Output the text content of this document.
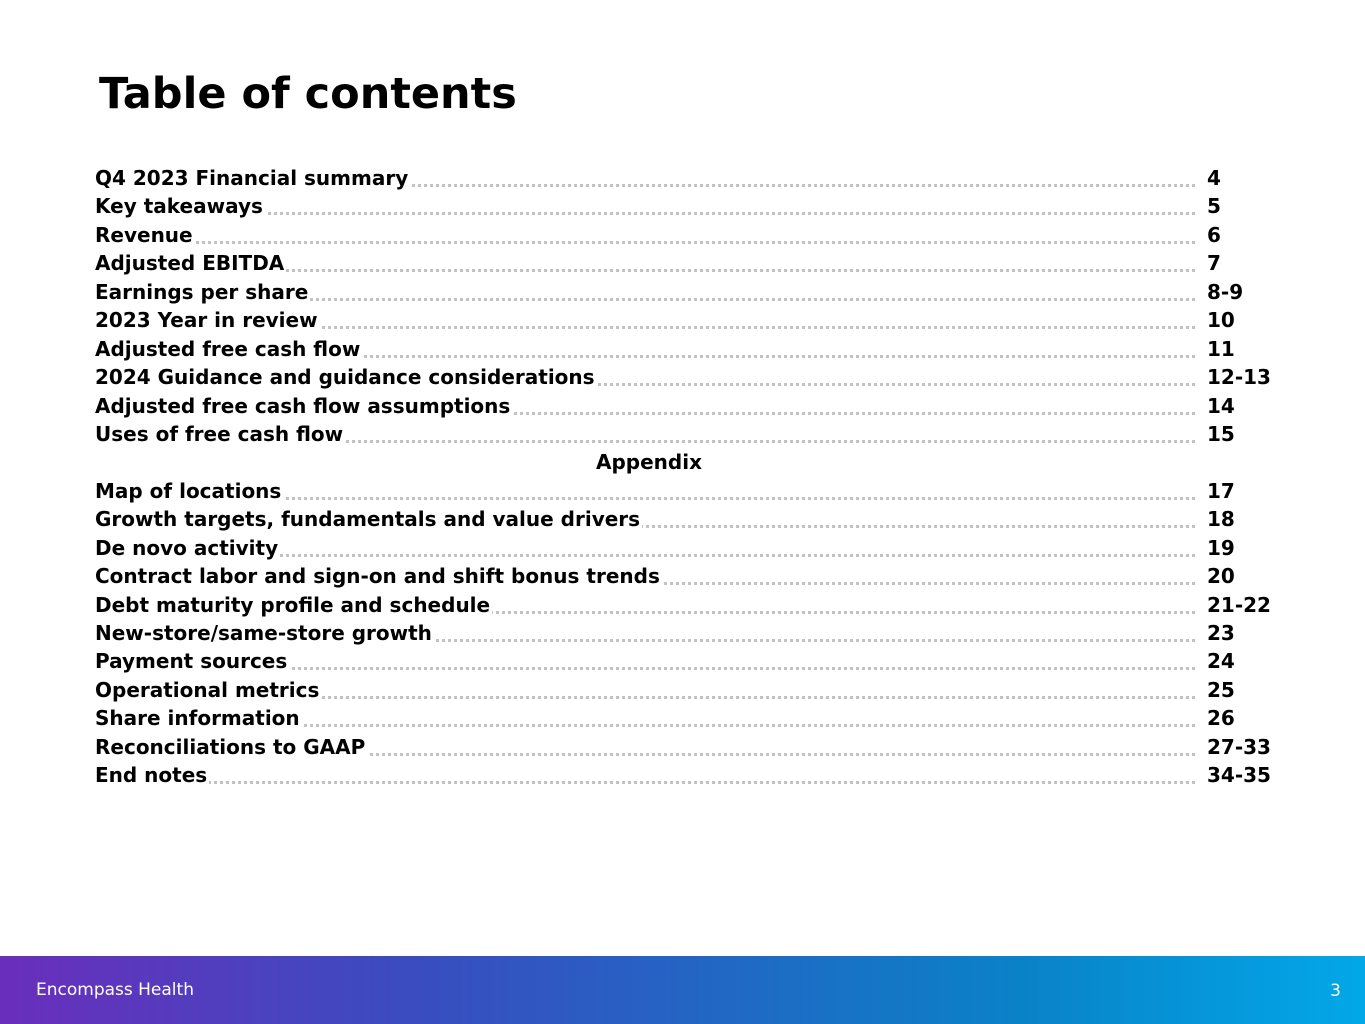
Table of contents
Q4 2023 Financial summary	4
Key takeaways	5
Revenue	6
Adjusted EBITDA	7
Earnings per share	8-9
2023 Year in review	10
Adjusted free cash flow	11
2024 Guidance and guidance considerations	12-13
Adjusted free cash flow assumptions	14
Uses of free cash flow	15
Appendix
Map of locations	17
Growth targets, fundamentals and value drivers	18
De novo activity	19
Contract labor and sign-on and shift bonus trends	20
Debt maturity profile and schedule	21-22
New-store/same-store growth	23
Payment sources	24
Operational metrics	25
Share information	26
Reconciliations to GAAP	27-33
End notes	34-35
Encompass Health	3
